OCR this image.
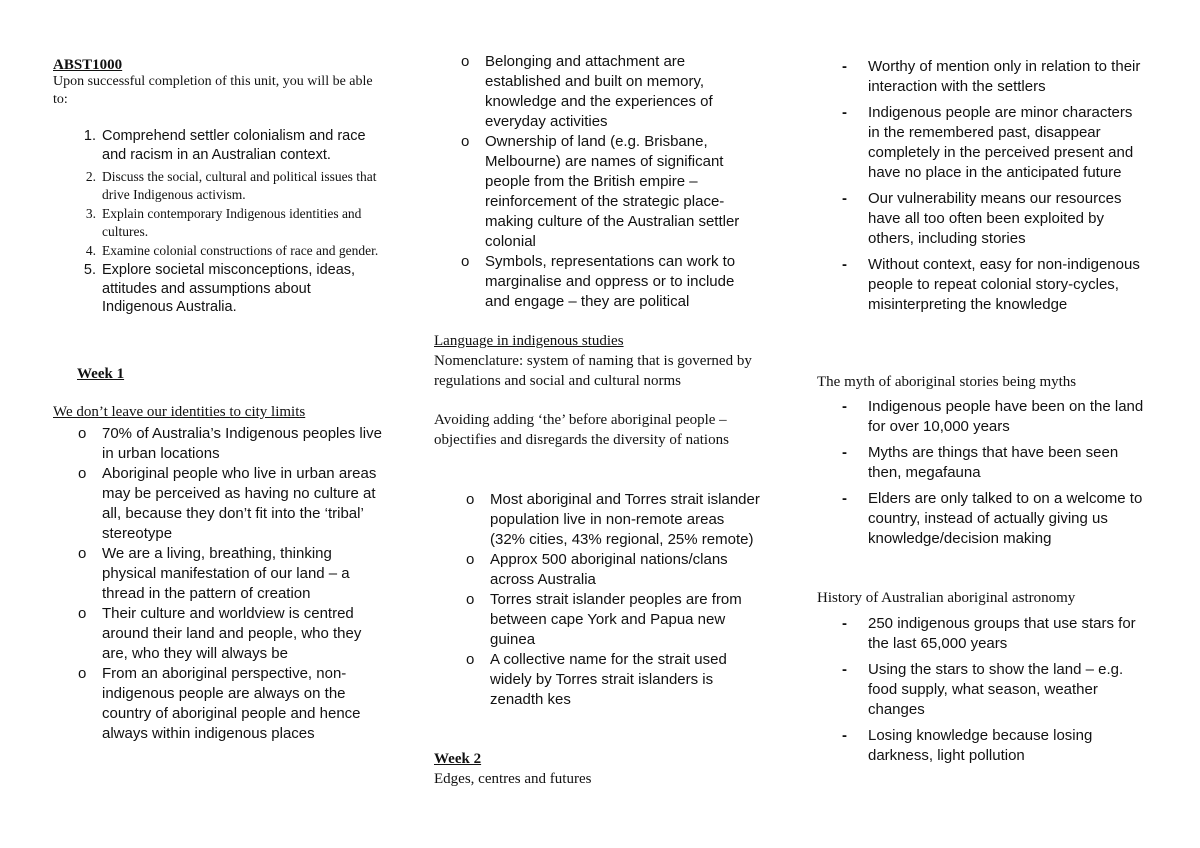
ABST1000
Upon successful completion of this unit, you will be able to:
1. Comprehend settler colonialism and race and racism in an Australian context.
2. Discuss the social, cultural and political issues that drive Indigenous activism.
3. Explain contemporary Indigenous identities and cultures.
4. Examine colonial constructions of race and gender.
5. Explore societal misconceptions, ideas, attitudes and assumptions about Indigenous Australia.
Week 1
We don’t leave our identities to city limits
o 70% of Australia’s Indigenous peoples live in urban locations
o Aboriginal people who live in urban areas may be perceived as having no culture at all, because they don’t fit into the ‘tribal’ stereotype
o We are a living, breathing, thinking physical manifestation of our land – a thread in the pattern of creation
o Their culture and worldview is centred around their land and people, who they are, who they will always be
o From an aboriginal perspective, non-indigenous people are always on the country of aboriginal people and hence always within indigenous places
o Belonging and attachment are established and built on memory, knowledge and the experiences of everyday activities
o Ownership of land (e.g. Brisbane, Melbourne) are names of significant people from the British empire – reinforcement of the strategic place-making culture of the Australian settler colonial
o Symbols, representations can work to marginalise and oppress or to include and engage – they are political
Language in indigenous studies
Nomenclature: system of naming that is governed by regulations and social and cultural norms
Avoiding adding ‘the’ before aboriginal people – objectifies and disregards the diversity of nations
o Most aboriginal and Torres strait islander population live in non-remote areas (32% cities, 43% regional, 25% remote)
o Approx 500 aboriginal nations/clans across Australia
o Torres strait islander peoples are from between cape York and Papua new guinea
o A collective name for the strait used widely by Torres strait islanders is zenadth kes
Week 2
Edges, centres and futures
- Worthy of mention only in relation to their interaction with the settlers
- Indigenous people are minor characters in the remembered past, disappear completely in the perceived present and have no place in the anticipated future
- Our vulnerability means our resources have all too often been exploited by others, including stories
- Without context, easy for non-indigenous people to repeat colonial story-cycles, misinterpreting the knowledge
The myth of aboriginal stories being myths
- Indigenous people have been on the land for over 10,000 years
- Myths are things that have been seen then, megafauna
- Elders are only talked to on a welcome to country, instead of actually giving us knowledge/decision making
History of Australian aboriginal astronomy
- 250 indigenous groups that use stars for the last 65,000 years
- Using the stars to show the land – e.g. food supply, what season, weather changes
- Losing knowledge because losing darkness, light pollution
